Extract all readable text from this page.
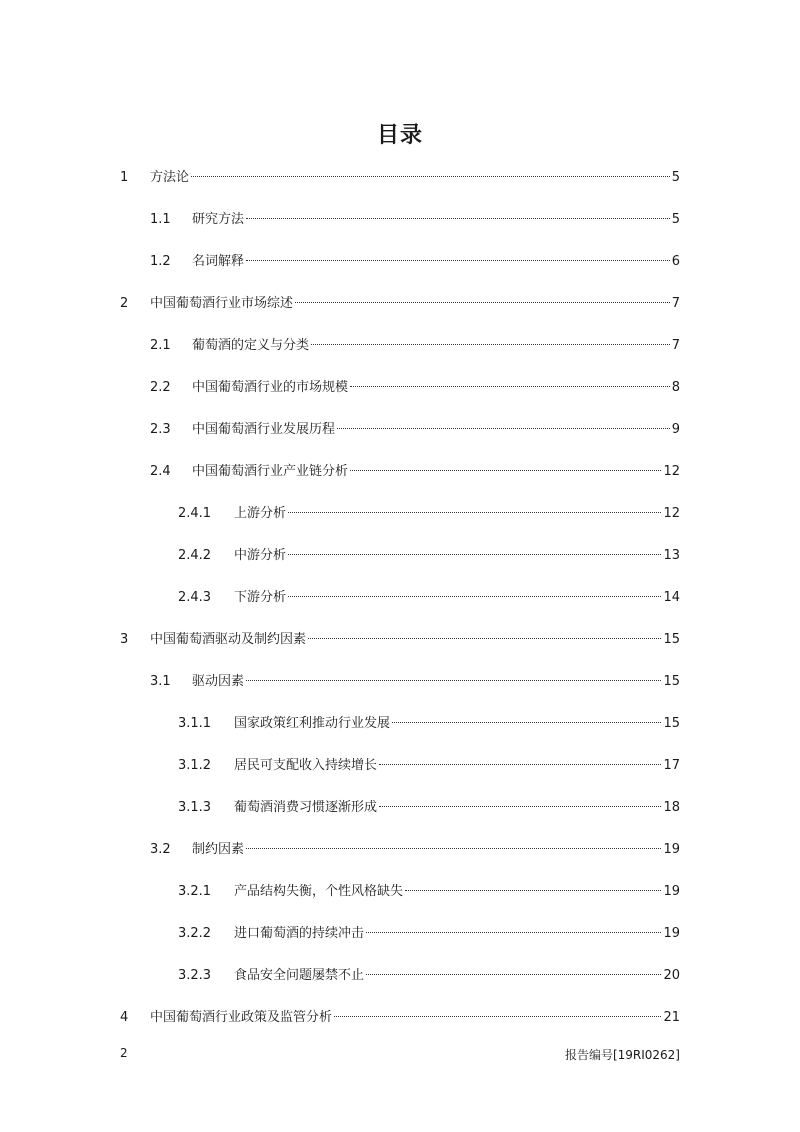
目录
1	方法论	5
1.1	研究方法	5
1.2	名词解释	6
2	中国葡萄酒行业市场综述	7
2.1	葡萄酒的定义与分类	7
2.2	中国葡萄酒行业的市场规模	8
2.3	中国葡萄酒行业发展历程	9
2.4	中国葡萄酒行业产业链分析	12
2.4.1	上游分析	12
2.4.2	中游分析	13
2.4.3	下游分析	14
3	中国葡萄酒驱动及制约因素	15
3.1	驱动因素	15
3.1.1	国家政策红利推动行业发展	15
3.1.2	居民可支配收入持续增长	17
3.1.3	葡萄酒消费习惯逐渐形成	18
3.2	制约因素	19
3.2.1	产品结构失衡，个性风格缺失	19
3.2.2	进口葡萄酒的持续冲击	19
3.2.3	食品安全问题屡禁不止	20
4	中国葡萄酒行业政策及监管分析	21
2	报告编号[19RI0262]
